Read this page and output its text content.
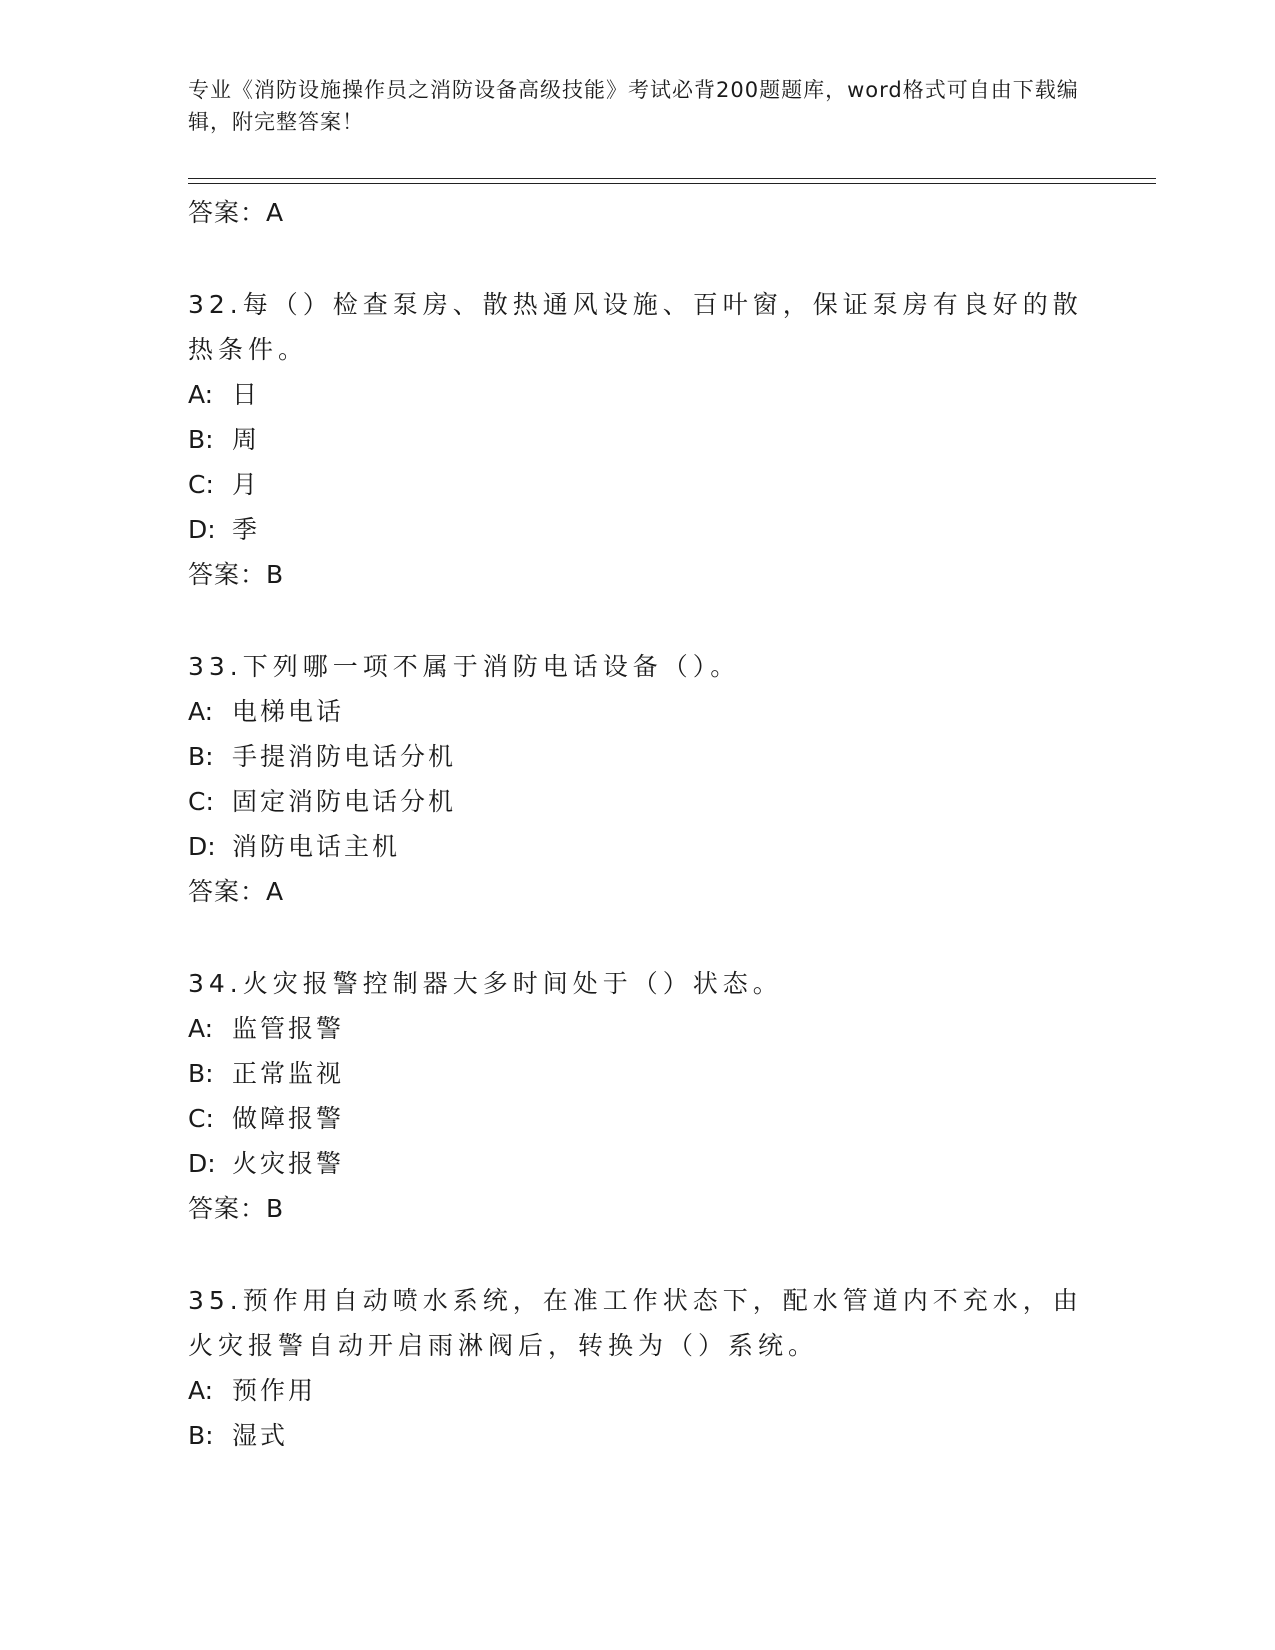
专业《消防设施操作员之消防设备高级技能》考试必背200题题库，word格式可自由下载编辑，附完整答案！
答案：A
32.每（）检查泵房、散热通风设施、百叶窗，保证泵房有良好的散热条件。
A: 日
B: 周
C: 月
D: 季
答案：B
33.下列哪一项不属于消防电话设备（）。
A: 电梯电话
B: 手提消防电话分机
C: 固定消防电话分机
D: 消防电话主机
答案：A
34.火灾报警控制器大多时间处于（）状态。
A: 监管报警
B: 正常监视
C: 做障报警
D: 火灾报警
答案：B
35.预作用自动喷水系统，在准工作状态下，配水管道内不充水，由火灾报警自动开启雨淋阀后，转换为（）系统。
A: 预作用
B: 湿式
